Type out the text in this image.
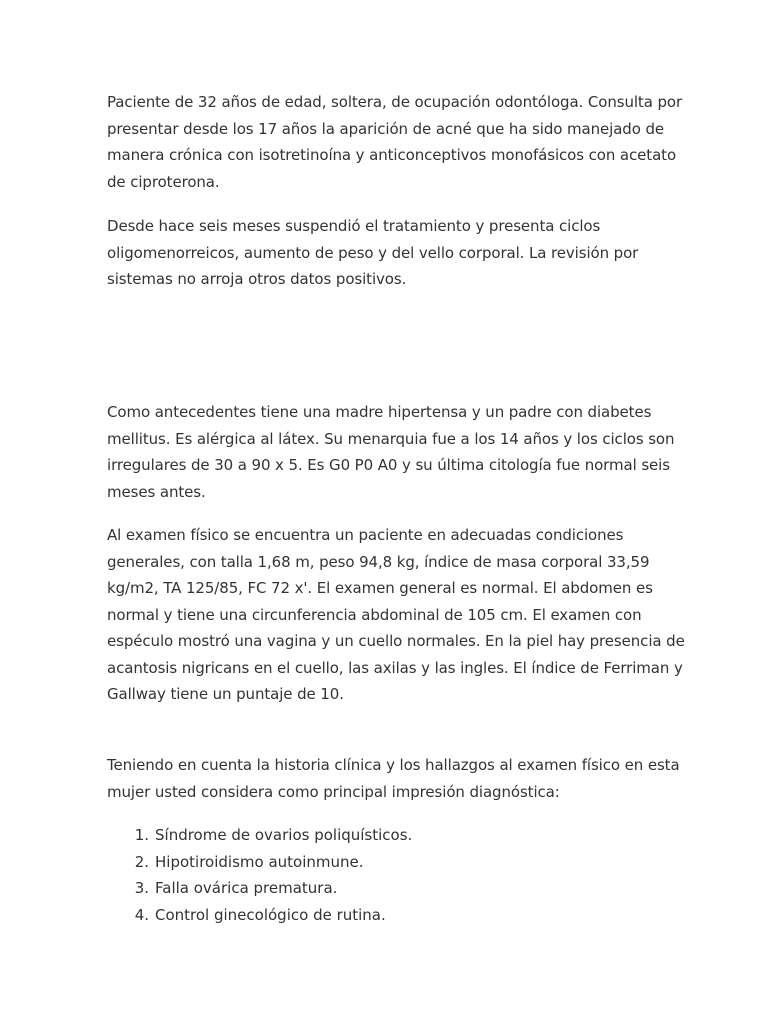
Paciente de 32 años de edad, soltera, de ocupación odontóloga. Consulta por presentar desde los 17 años la aparición de acné que ha sido manejado de manera crónica con isotretinoína y anticonceptivos monofásicos con acetato de ciproterona.

Desde hace seis meses suspendió el tratamiento y presenta ciclos oligomenorreicos, aumento de peso y del vello corporal. La revisión por sistemas no arroja otros datos positivos.

Como antecedentes tiene una madre hipertensa y un padre con diabetes mellitus. Es alérgica al látex. Su menarquia fue a los 14 años y los ciclos son irregulares de 30 a 90 x 5. Es G0 P0 A0 y su última citología fue normal seis meses antes.

Al examen físico se encuentra un paciente en adecuadas condiciones generales, con talla 1,68 m, peso 94,8 kg, índice de masa corporal 33,59 kg/m2, TA 125/85, FC 72 x'. El examen general es normal. El abdomen es normal y tiene una circunferencia abdominal de 105 cm. El examen con espéculo mostró una vagina y un cuello normales. En la piel hay presencia de acantosis nigricans en el cuello, las axilas y las ingles. El índice de Ferriman y Gallway tiene un puntaje de 10.

Teniendo en cuenta la historia clínica y los hallazgos al examen físico en esta mujer usted considera como principal impresión diagnóstica:

1. Síndrome de ovarios poliquísticos.
2. Hipotiroidismo autoinmune.
3. Falla ovárica prematura.
4. Control ginecológico de rutina.
